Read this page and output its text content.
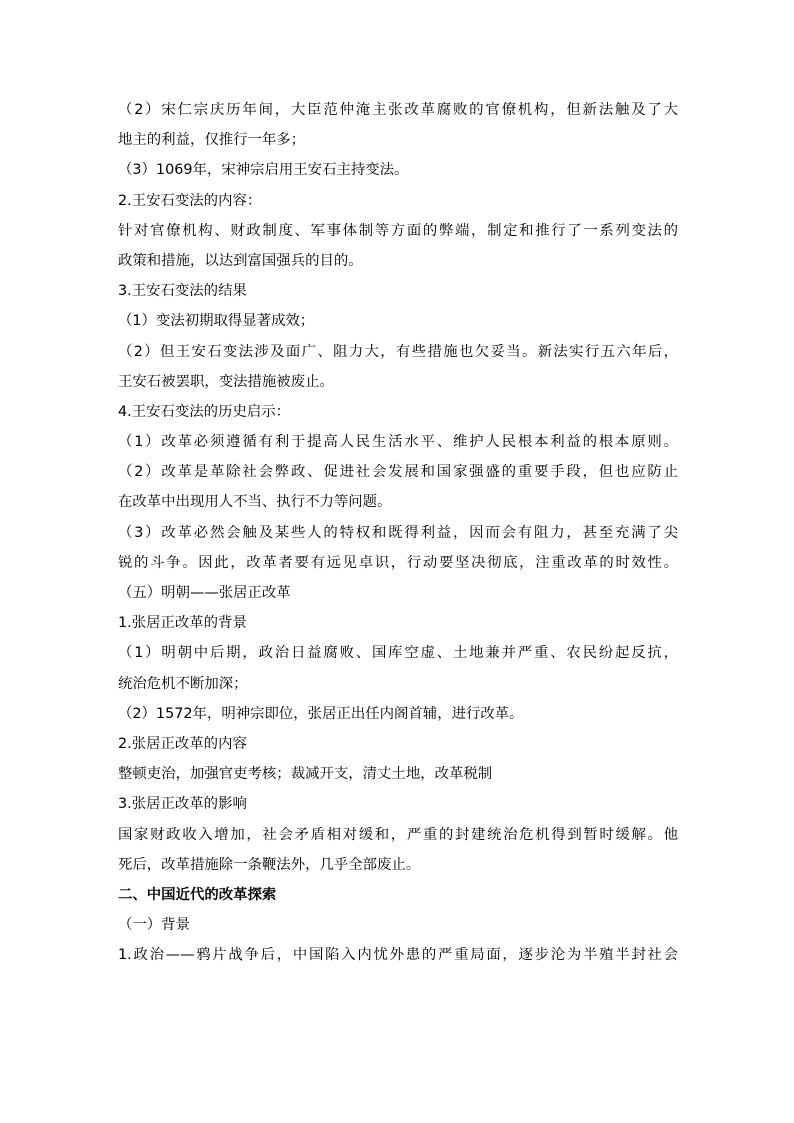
（2）宋仁宗庆历年间，大臣范仲淹主张改革腐败的官僚机构，但新法触及了大
地主的利益，仅推行一年多；
（3）1069年，宋神宗启用王安石主持变法。
2.王安石变法的内容：
针对官僚机构、财政制度、军事体制等方面的弊端，制定和推行了一系列变法的
政策和措施，以达到富国强兵的目的。
3.王安石变法的结果
（1）变法初期取得显著成效；
（2）但王安石变法涉及面广、阻力大，有些措施也欠妥当。新法实行五六年后，
王安石被罢职，变法措施被废止。
4.王安石变法的历史启示：
（1）改革必须遵循有利于提高人民生活水平、维护人民根本利益的根本原则。
（2）改革是革除社会弊政、促进社会发展和国家强盛的重要手段，但也应防止
在改革中出现用人不当、执行不力等问题。
（3）改革必然会触及某些人的特权和既得利益，因而会有阻力，甚至充满了尖
锐的斗争。因此，改革者要有远见卓识，行动要坚决彻底，注重改革的时效性。
（五）明朝——张居正改革
1.张居正改革的背景
（1）明朝中后期，政治日益腐败、国库空虚、土地兼并严重、农民纷起反抗，
统治危机不断加深；
（2）1572年，明神宗即位，张居正出任内阁首辅，进行改革。
2.张居正改革的内容
整顿吏治，加强官吏考核；裁减开支，清丈土地，改革税制
3.张居正改革的影响
国家财政收入增加，社会矛盾相对缓和，严重的封建统治危机得到暂时缓解。他
死后，改革措施除一条鞭法外，几乎全部废止。
二、中国近代的改革探索
（一）背景
1.政治——鸦片战争后，中国陷入内忧外患的严重局面，逐步沦为半殖半封社会
